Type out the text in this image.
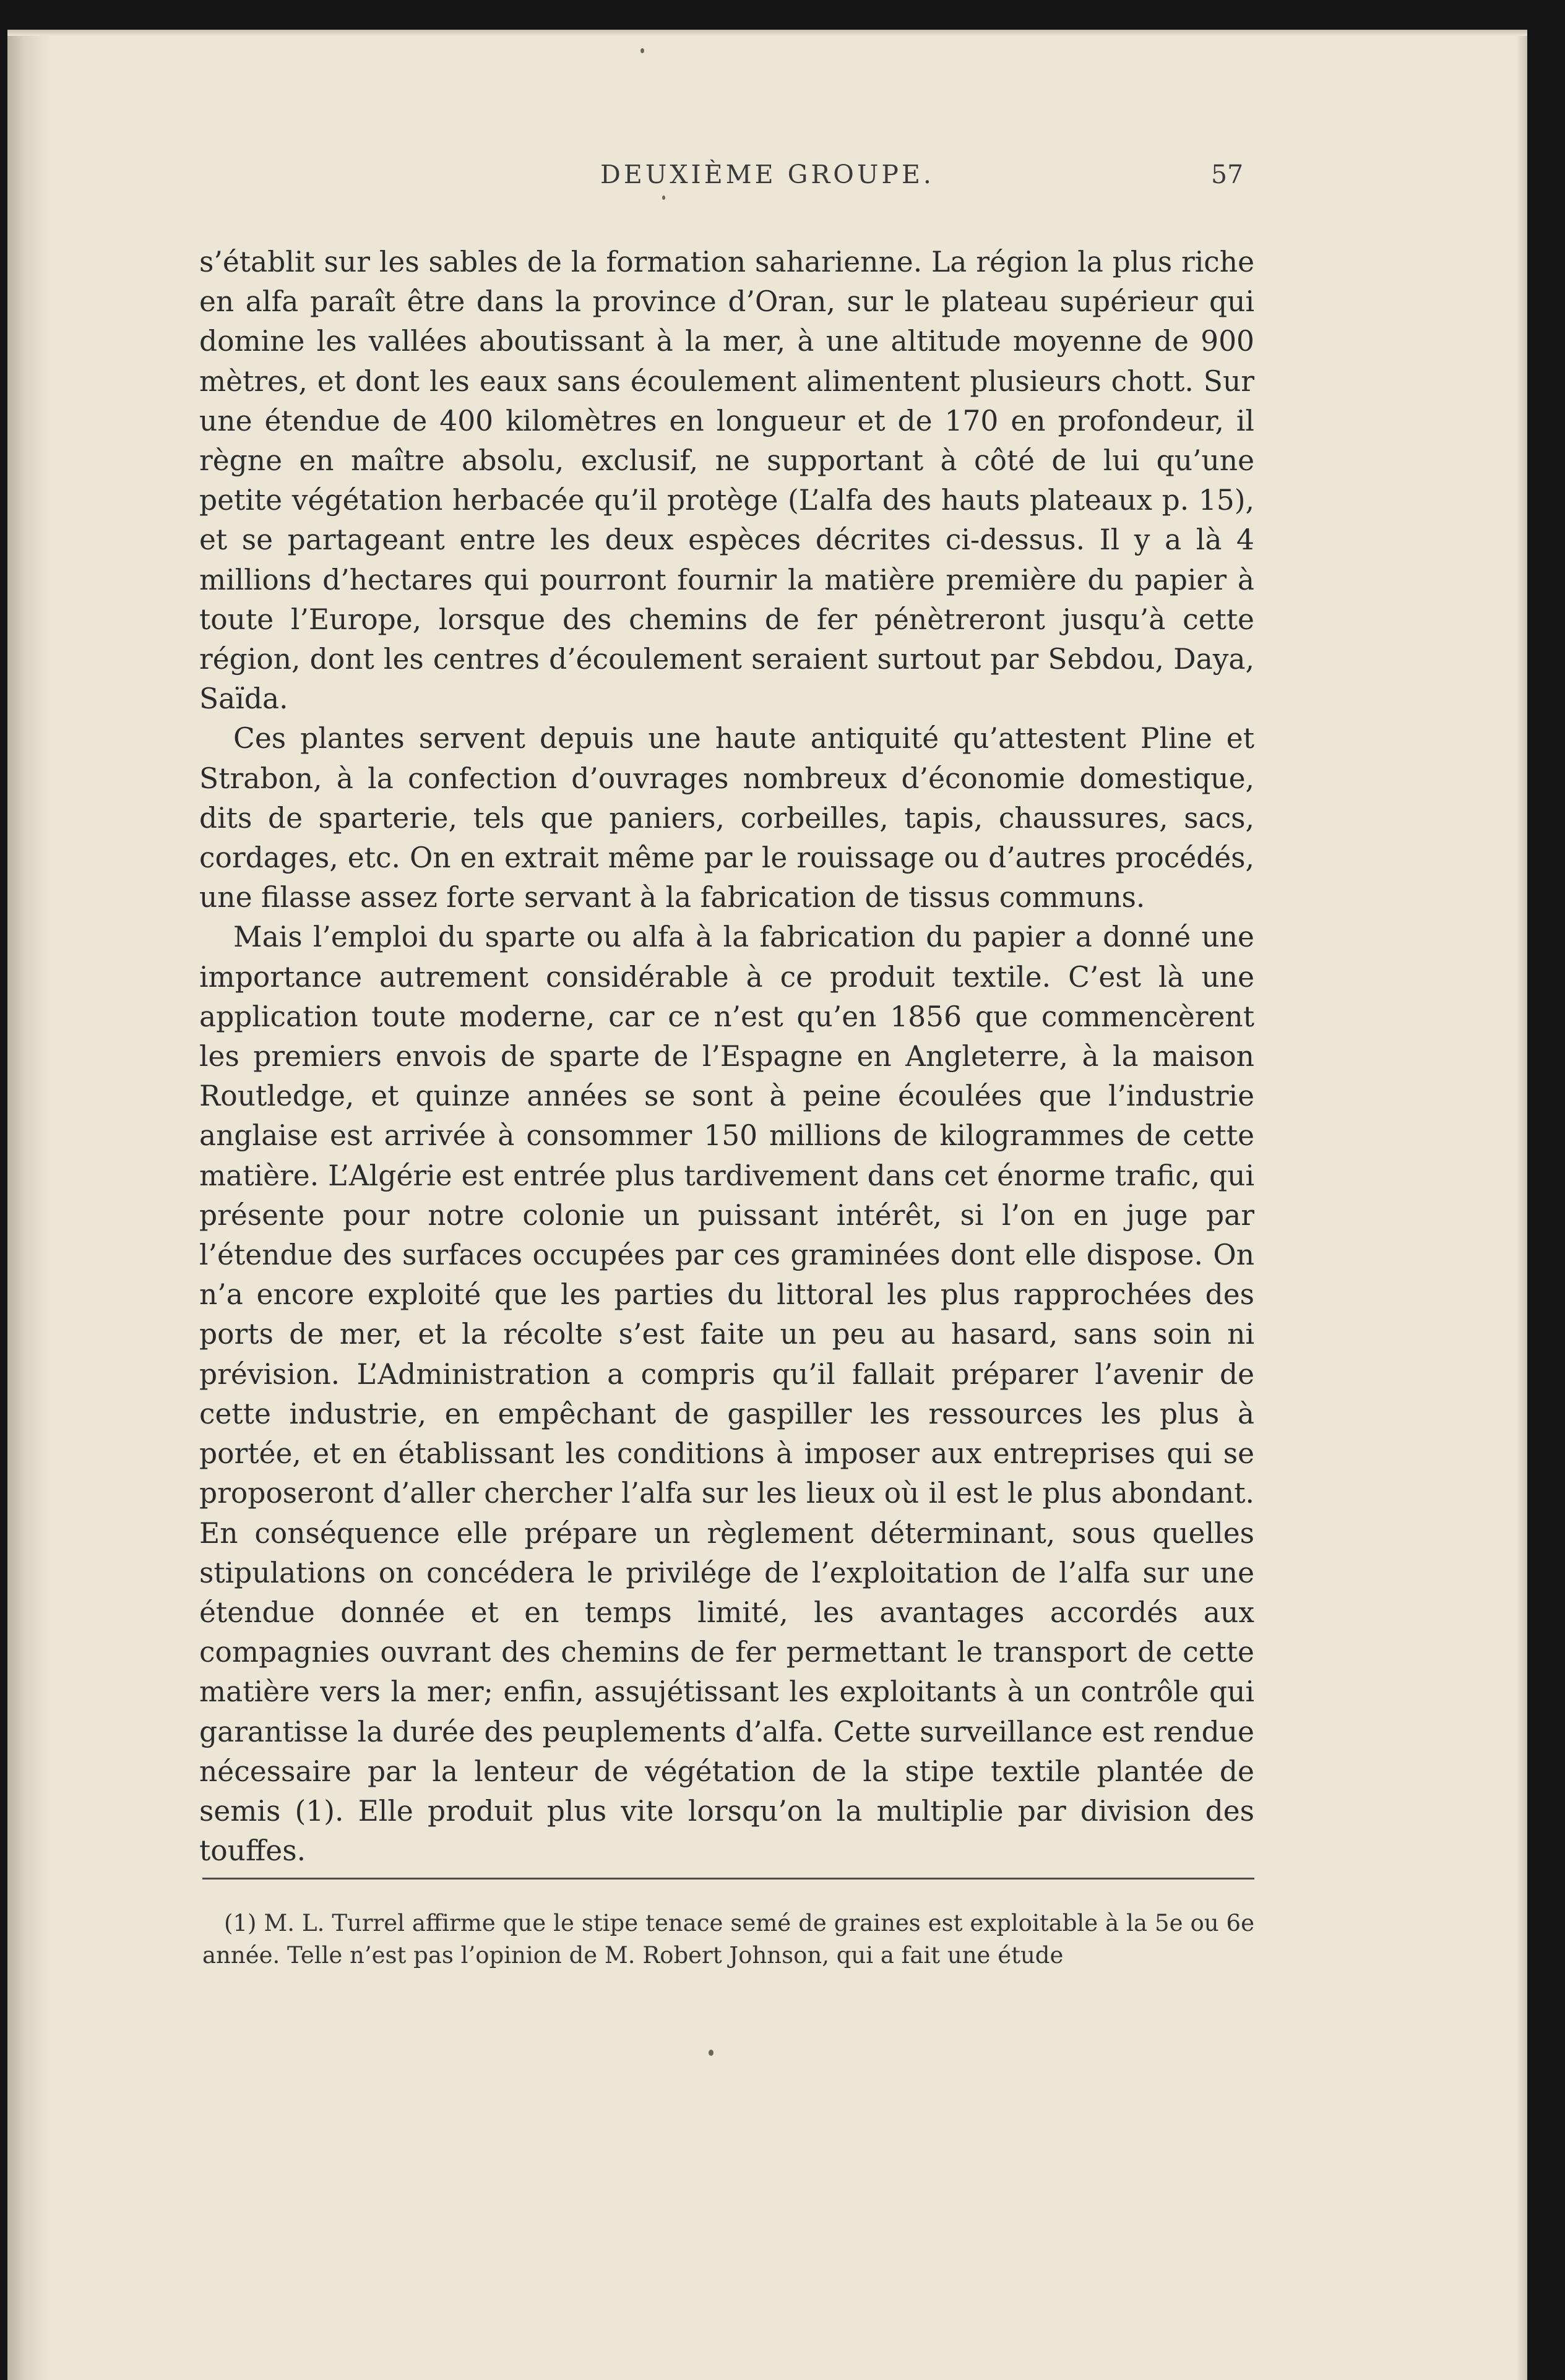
DEUXIÈME GROUPE.	57

s’établit sur les sables de la formation saharienne. La région la plus riche en alfa paraît être dans la province d’Oran, sur le plateau supérieur qui domine les vallées aboutissant à la mer, à une altitude moyenne de 900 mètres, et dont les eaux sans écoulement alimentent plusieurs chott. Sur une étendue de 400 kilomètres en longueur et de 170 en profondeur, il règne en maître absolu, exclusif, ne supportant à côté de lui qu’une petite végétation herbacée qu’il protège (L’alfa des hauts plateaux p. 15), et se partageant entre les deux espèces décrites ci-dessus. Il y a là 4 millions d’hectares qui pourront fournir la matière première du papier à toute l’Europe, lorsque des chemins de fer pénètreront jusqu’à cette région, dont les centres d’écoulement seraient surtout par Sebdou, Daya, Saïda.

Ces plantes servent depuis une haute antiquité qu’attestent Pline et Strabon, à la confection d’ouvrages nombreux d’économie domestique, dits de sparterie, tels que paniers, corbeilles, tapis, chaussures, sacs, cordages, etc. On en extrait même par le rouissage ou d’autres procédés, une filasse assez forte servant à la fabrication de tissus communs.

Mais l’emploi du sparte ou alfa à la fabrication du papier a donné une importance autrement considérable à ce produit textile. C’est là une application toute moderne, car ce n’est qu’en 1856 que commencèrent les premiers envois de sparte de l’Espagne en Angleterre, à la maison Routledge, et quinze années se sont à peine écoulées que l’industrie anglaise est arrivée à consommer 150 millions de kilogrammes de cette matière. L’Algérie est entrée plus tardivement dans cet énorme trafic, qui présente pour notre colonie un puissant intérêt, si l’on en juge par l’étendue des surfaces occupées par ces graminées dont elle dispose. On n’a encore exploité que les parties du littoral les plus rapprochées des ports de mer, et la récolte s’est faite un peu au hasard, sans soin ni prévision. L’Administration a compris qu’il fallait préparer l’avenir de cette industrie, en empêchant de gaspiller les ressources les plus à portée, et en établissant les conditions à imposer aux entreprises qui se proposeront d’aller chercher l’alfa sur les lieux où il est le plus abondant. En conséquence elle prépare un règlement déterminant, sous quelles stipulations on concédera le privilége de l’exploitation de l’alfa sur une étendue donnée et en temps limité, les avantages accordés aux compagnies ouvrant des chemins de fer permettant le transport de cette matière vers la mer; enfin, assujétissant les exploitants à un contrôle qui garantisse la durée des peuplements d’alfa. Cette surveillance est rendue nécessaire par la lenteur de végétation de la stipe textile plantée de semis (1). Elle produit plus vite lorsqu’on la multiplie par division des touffes.

(1) M. L. Turrel affirme que le stipe tenace semé de graines est exploitable à la 5e ou 6e année. Telle n’est pas l’opinion de M. Robert Johnson, qui a fait une étude
